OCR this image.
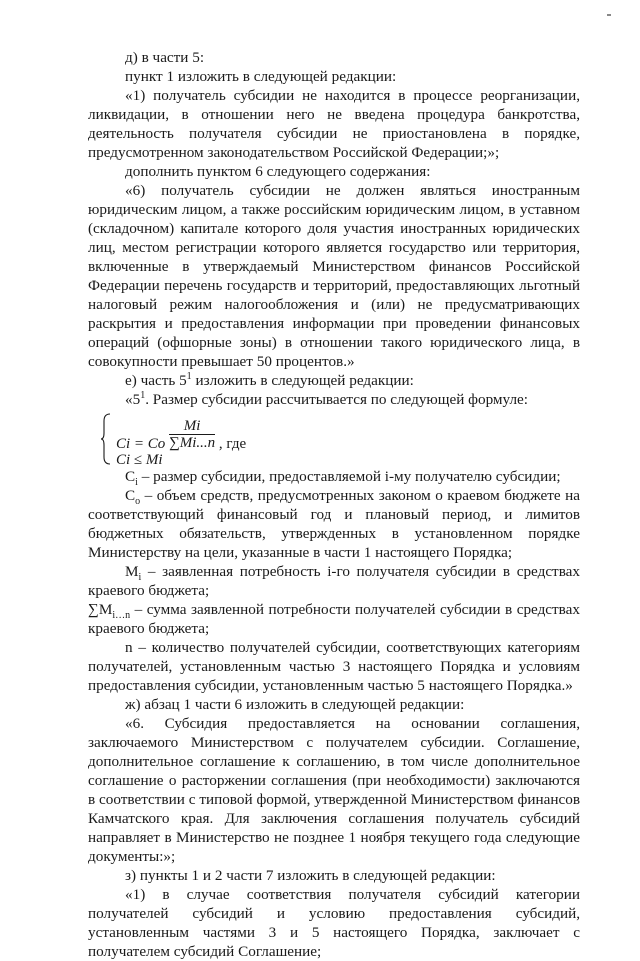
д) в части 5:

пункт 1 изложить в следующей редакции:

«1) получатель субсидии не находится в процессе реорганизации, ликвидации, в отношении него не введена процедура банкротства, деятельность получателя субсидии не приостановлена в порядке, предусмотренном законодательством Российской Федерации;»;

дополнить пунктом 6 следующего содержания:

«6) получатель субсидии не должен являться иностранным юридическим лицом, а также российским юридическим лицом, в уставном (складочном) капитале которого доля участия иностранных юридических лиц, местом регистрации которого является государство или территория, включенные в утверждаемый Министерством финансов Российской Федерации перечень государств и территорий, предоставляющих льготный налоговый режим налогообложения и (или) не предусматривающих раскрытия и предоставления информации при проведении финансовых операций (офшорные зоны) в отношении такого юридического лица, в совокупности превышает 50 процентов.»

е) часть $5^1$ изложить в следующей редакции:

«$5^1$. Размер субсидии рассчитывается по следующей формуле:

Ci = Co $\frac{Mi}{\sum Mi...n}$ , где
Ci ≤ Mi

$C_i$ – размер субсидии, предоставляемой i-му получателю субсидии;

$C_o$ – объем средств, предусмотренных законом о краевом бюджете на соответствующий финансовый год и плановый период, и лимитов бюджетных обязательств, утвержденных в установленном порядке Министерству на цели, указанные в части 1 настоящего Порядка;

$M_i$ – заявленная потребность i-го получателя субсидии в средствах краевого бюджета;

$\sum M_{i\dots n}$ – сумма заявленной потребности получателей субсидии в средствах краевого бюджета;

n – количество получателей субсидии, соответствующих категориям получателей, установленным частью 3 настоящего Порядка и условиям предоставления субсидии, установленным частью 5 настоящего Порядка.»

ж) абзац 1 части 6 изложить в следующей редакции:

«6. Субсидия предоставляется на основании соглашения, заключаемого Министерством с получателем субсидии. Соглашение, дополнительное соглашение к соглашению, в том числе дополнительное соглашение о расторжении соглашения (при необходимости) заключаются в соответствии с типовой формой, утвержденной Министерством финансов Камчатского края. Для заключения соглашения получатель субсидий направляет в Министерство не позднее 1 ноября текущего года следующие документы:»;

з) пункты 1 и 2 части 7 изложить в следующей редакции:

«1) в случае соответствия получателя субсидий категории получателей субсидий и условию предоставления субсидий, установленным частями 3 и 5 настоящего Порядка, заключает с получателем субсидий Соглашение;
